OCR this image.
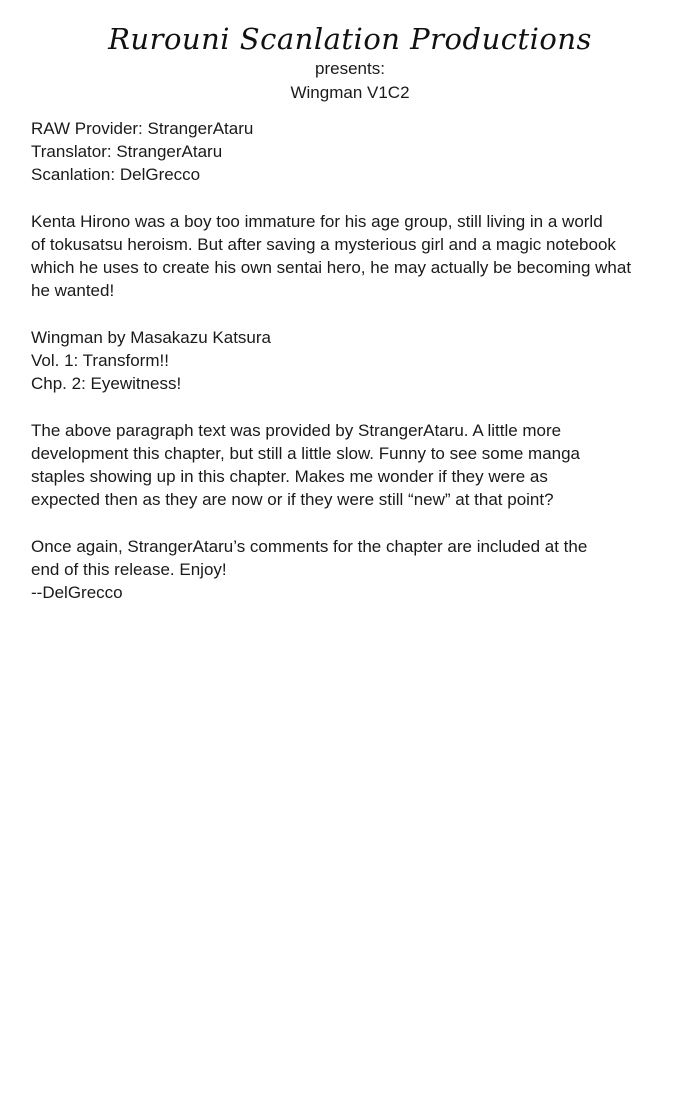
Rurouni Scanlation Productions

presents:

Wingman V1C2

RAW Provider: StrangerAtaru
Translator: StrangerAtaru
Scanlation: DelGrecco
Kenta Hirono was a boy too immature for his age group, still living in a world
of tokusatsu heroism. But after saving a mysterious girl and a magic notebook
which he uses to create his own sentai hero, he may actually be becoming what
he wanted!
Wingman by Masakazu Katsura
Vol. 1: Transform!!
Chp. 2: Eyewitness!
The above paragraph text was provided by StrangerAtaru. A little more
development this chapter, but still a little slow. Funny to see some manga
staples showing up in this chapter. Makes me wonder if they were as
expected then as they are now or if they were still “new” at that point?
Once again, StrangerAtaru’s comments for the chapter are included at the
end of this release. Enjoy!
--DelGrecco
